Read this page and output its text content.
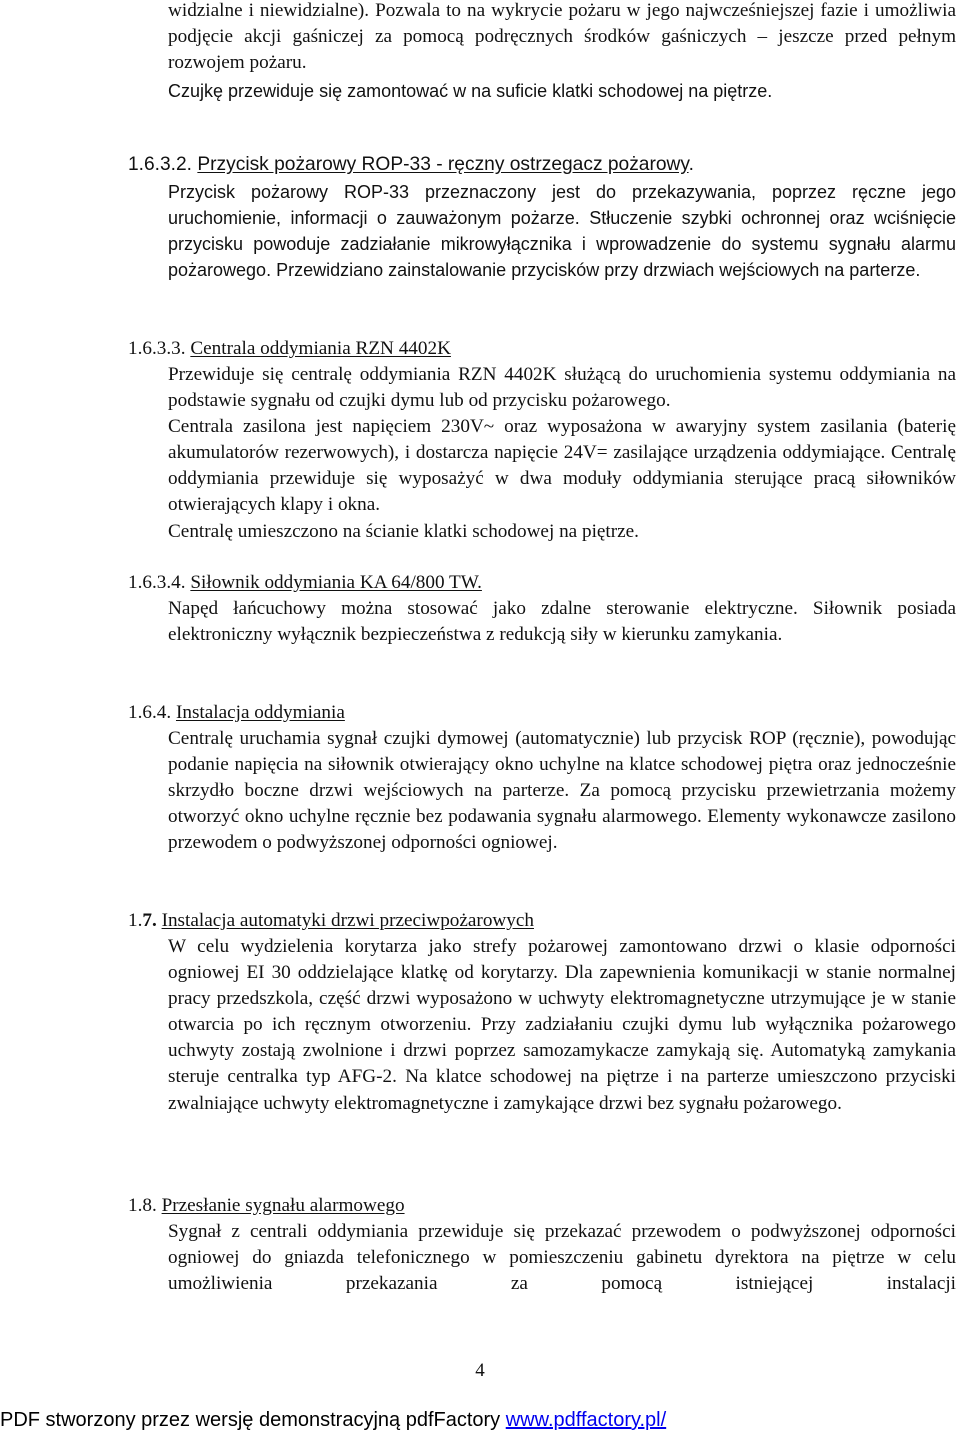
widzialne i niewidzialne). Pozwala to na wykrycie pożaru w jego najwcześniejszej fazie i umożliwia podjęcie akcji gaśniczej za pomocą podręcznych środków gaśniczych – jeszcze przed pełnym rozwojem pożaru.

Czujkę przewiduje się zamontować w na suficie klatki schodowej na piętrze.

1.6.3.2. Przycisk pożarowy ROP-33 - ręczny ostrzegacz pożarowy.

Przycisk pożarowy ROP-33 przeznaczony jest do przekazywania, poprzez ręczne jego uruchomienie, informacji o zauważonym pożarze. Stłuczenie szybki ochronnej oraz wciśnięcie przycisku powoduje zadziałanie mikrowyłącznika i wprowadzenie do systemu sygnału alarmu pożarowego. Przewidziano zainstalowanie przycisków przy drzwiach wejściowych na parterze.

1.6.3.3. Centrala oddymiania RZN 4402K

Przewiduje się centralę oddymiania RZN 4402K służącą do uruchomienia systemu oddymiania na podstawie sygnału od czujki dymu lub od przycisku pożarowego.

Centrala zasilona jest napięciem 230V~ oraz wyposażona w awaryjny system zasilania (baterię akumulatorów rezerwowych), i dostarcza napięcie 24V= zasilające urządzenia oddymiające. Centralę oddymiania przewiduje się wyposażyć w dwa moduły oddymiania sterujące pracą siłowników otwierających klapy i okna.

Centralę umieszczono na ścianie klatki schodowej na piętrze.

1.6.3.4. Siłownik oddymiania KA 64/800 TW.

Napęd łańcuchowy można stosować jako zdalne sterowanie elektryczne. Siłownik posiada elektroniczny wyłącznik bezpieczeństwa z redukcją siły w kierunku zamykania.

1.6.4. Instalacja oddymiania

Centralę uruchamia sygnał czujki dymowej (automatycznie) lub przycisk ROP (ręcznie), powodując podanie napięcia na siłownik otwierający okno uchylne na klatce schodowej piętra oraz jednocześnie skrzydło boczne drzwi wejściowych na parterze. Za pomocą przycisku przewietrzania możemy otworzyć okno uchylne ręcznie bez podawania sygnału alarmowego. Elementy wykonawcze zasilono przewodem o podwyższonej odporności ogniowej.

1.7. Instalacja automatyki drzwi przeciwpożarowych

W celu wydzielenia korytarza jako strefy pożarowej zamontowano drzwi o klasie odporności ogniowej EI 30 oddzielające klatkę od korytarzy. Dla zapewnienia komunikacji w stanie normalnej pracy przedszkola, część drzwi wyposażono w uchwyty elektromagnetyczne utrzymujące je w stanie otwarcia po ich ręcznym otworzeniu. Przy zadziałaniu czujki dymu lub wyłącznika pożarowego uchwyty zostają zwolnione i drzwi poprzez samozamykacze zamykają się. Automatyką zamykania steruje centralka typ AFG-2. Na klatce schodowej na piętrze i na parterze umieszczono przyciski zwalniające uchwyty elektromagnetyczne i zamykające drzwi bez sygnału pożarowego.

1.8. Przesłanie sygnału alarmowego

Sygnał z centrali oddymiania przewiduje się przekazać przewodem o podwyższonej odporności ogniowej do gniazda telefonicznego w pomieszczeniu gabinetu dyrektora na piętrze w celu umożliwienia przekazania za pomocą istniejącej instalacji

4
PDF stworzony przez wersję demonstracyjną pdfFactory www.pdffactory.pl/
